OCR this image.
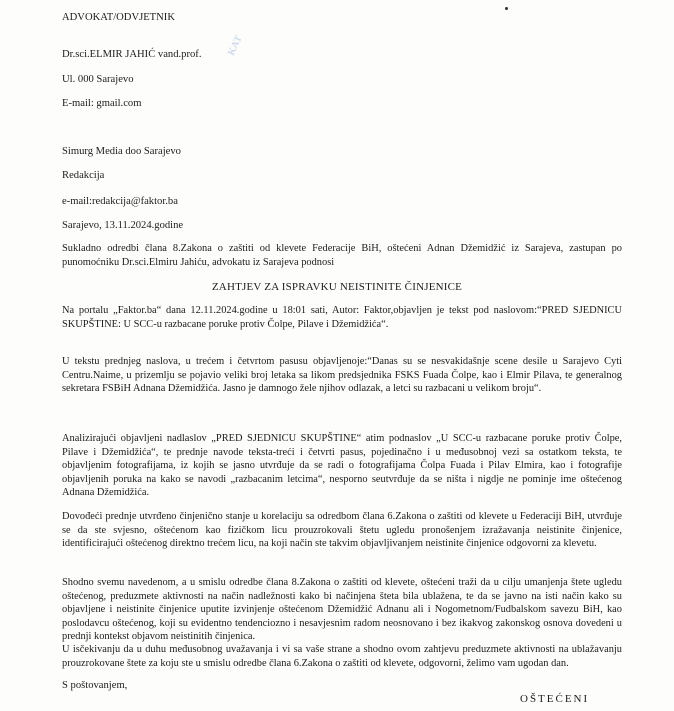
KAT
ADVOKAT/ODVJETNIK
Dr.sci.ELMIR JAHIĆ vand.prof.
Ul. 000 Sarajevo
E-mail: gmail.com
Simurg Media doo Sarajevo
Redakcija
e-mail:redakcija@faktor.ba
Sarajevo, 13.11.2024.godine
Sukladno odredbi člana 8.Zakona o zaštiti od klevete Federacije BiH, oštećeni Adnan Džemidžić iz Sarajeva, zastupan po punomoćniku Dr.sci.Elmiru Jahiću, advokatu iz Sarajeva podnosi
ZAHTJEV ZA ISPRAVKU NEISTINITE ČINJENICE
Na portalu „Faktor.ba“ dana 12.11.2024.godine u 18:01 sati, Autor: Faktor,objavljen je tekst pod naslovom:“PRED SJEDNICU SKUPŠTINE: U SCC-u razbacane poruke protiv Čolpe, Pilave i Džemidžića“.
U tekstu prednjeg naslova, u trećem i četvrtom pasusu objavljenoje:“Danas su se nesvakidašnje scene desile u Sarajevo Cyti Centru.Naime, u prizemlju se pojavio veliki broj letaka sa likom predsjednika FSKS Fuada Čolpe, kao i Elmir Pilava, te generalnog sekretara FSBiH Adnana Džemidžića. Jasno je damnogo žele njihov odlazak, a letci su razbacani u velikom broju“.
Analizirajući objavljeni nadlaslov „PRED SJEDNICU SKUPŠTINE“ atim podnaslov „U SCC-u razbacane poruke protiv Čolpe, Pilave i Džemidžića“, te prednje navode teksta-treći i četvrti pasus, pojedinačno i u međusobnoj vezi sa ostatkom teksta, te objavljenim fotografijama, iz kojih se jasno utvrđuje da se radi o fotografijama Čolpa Fuada i Pilav Elmira, kao i fotografije objavljenih poruka na kako se navodi „razbacanim letcima“, nesporno seutvrđuje da se ništa i nigdje ne pominje ime oštećenog Adnana Džemidžića.
Dovođeći prednje utvrđeno činjenično stanje u korelaciju sa odredbom člana 6.Zakona o zaštiti od klevete u Federaciji BiH, utvrđuje se da ste svjesno, oštećenom kao fizičkom licu prouzrokovali štetu ugledu pronošenjem izražavanja neistinite činjenice, identificirajući oštećenog direktno trećem licu, na koji način ste takvim objavljivanjem neistinite činjenice odgovorni za klevetu.
Shodno svemu navedenom, a u smislu odredbe člana 8.Zakona o zaštiti od klevete, oštećeni traži da u cilju umanjenja štete ugledu oštećenog, preduzmete aktivnosti na način nadležnosti kako bi načinjena šteta bila ublažena, te da se javno na isti način kako su objavljene i neistinite činjenice uputite izvinjenje oštećenom Džemidžić Adnanu ali i Nogometnom/Fudbalskom savezu BiH, kao poslodavcu oštećenog, koji su evidentno tendenciozno i nesavjesnim radom neosnovano i bez ikakvog zakonskog osnova dovedeni u prednji kontekst objavom neistinitih činjenica.
U isčekivanju da u duhu međusobnog uvažavanja i vi sa vaše strane a shodno ovom zahtjevu preduzmete aktivnosti na ublažavanju prouzrokovane štete za koju ste u smislu odredbe člana 6.Zakona o zaštiti od klevete, odgovorni, želimo vam ugodan dan.
S poštovanjem,
OŠTEĆENI
